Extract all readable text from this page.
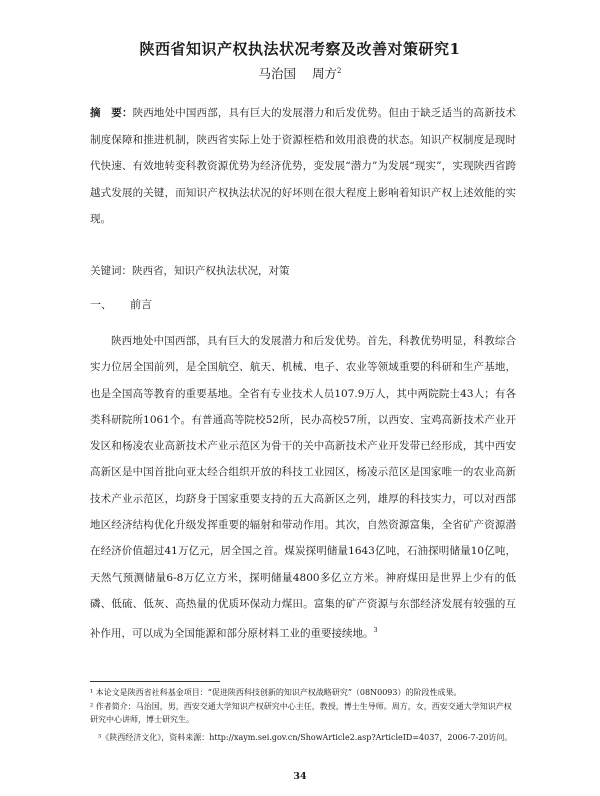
陕西省知识产权执法状况考察及改善对策研究1
马治国 周方$^2$
摘　要：陕西地处中国西部，具有巨大的发展潜力和后发优势。但由于缺乏适当的高新技术制度保障和推进机制，陕西省实际上处于资源桎梏和效用浪费的状态。知识产权制度是现时代快速、有效地转变科教资源优势为经济优势，变发展“潜力”为发展“现实”，实现陕西省跨越式发展的关键，而知识产权执法状况的好坏则在很大程度上影响着知识产权上述效能的实现。
关键词：陕西省，知识产权执法状况，对策
一、 前言

陕西地处中国西部，具有巨大的发展潜力和后发优势。首先，科教优势明显，科教综合实力位居全国前列，是全国航空、航天、机械、电子、农业等领域重要的科研和生产基地，也是全国高等教育的重要基地。全省有专业技术人员107.9万人，其中两院院士43人；有各类科研院所1061个。有普通高等院校52所，民办高校57所，以西安、宝鸡高新技术产业开发区和杨凌农业高新技术产业示范区为骨干的关中高新技术产业开发带已经形成，其中西安高新区是中国首批向亚太经合组织开放的科技工业园区，杨凌示范区是国家唯一的农业高新技术产业示范区，均跻身于国家重要支持的五大高新区之列，雄厚的科技实力，可以对西部地区经济结构优化升级发挥重要的辐射和带动作用。其次，自然资源富集，全省矿产资源潜在经济价值超过41万亿元，居全国之首。煤炭探明储量1643亿吨，石油探明储量10亿吨，天然气预测储量6-8万亿立方米，探明储量4800多亿立方米。神府煤田是世界上少有的低磷、低硫、低灰、高热量的优质环保动力煤田。富集的矿产资源与东部经济发展有较强的互补作用，可以成为全国能源和部分原材料工业的重要接续地。$^3$

¹ 本论文是陕西省社科基金项目：“促进陕西科技创新的知识产权战略研究”（08N0093）的阶段性成果。

² 作者简介：马治国，男，西安交通大学知识产权研究中心主任，教授，博士生导师。周方，女，西安交通大学知识产权研究中心讲师，博士研究生。

³《陕西经济文化》，资料来源：http://xaym.sei.gov.cn/ShowArticle2.asp?ArticleID=4037，2006-7-20访问。

34
